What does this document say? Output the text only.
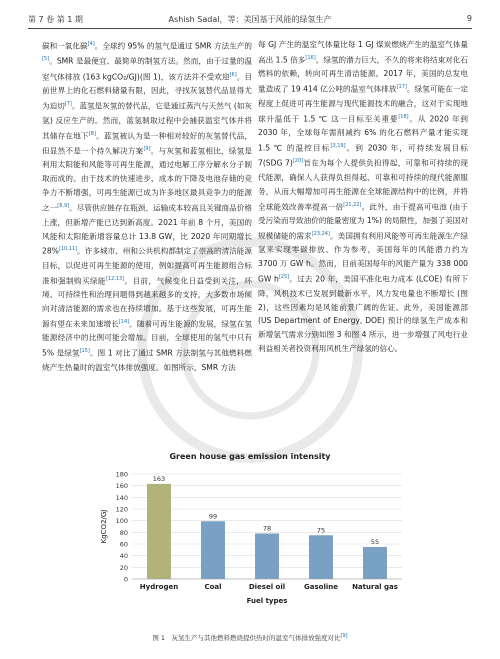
第 7 卷 第 1 期	Ashish Sadal，等：美国基于风能的绿氢生产	9

碳和一氧化碳[4]。全球约 95% 的氢气是通过 SMR 方法生产的[5]。SMR 是最便宜、最简单的制氢方法。然而，由于过量的温室气体排放 (163 kgCO₂/GJ)(图 1)，该方法并不受欢迎[6]。目前世界上的化石燃料储量有限，因此，寻找灰氢替代品显得尤为迫切[7]。蓝氢是灰氢的替代品，它是通过蒸汽与天然气 (如灰氢) 反应生产的。然而，蓝氢制取过程中会捕获温室气体并将其储存在地下[8]。蓝氢被认为是一种相对较好的灰氢替代品，但显然不是一个持久解决方案[9]。与灰氢和蓝氢相比，绿氢是利用太阳能和风能等可再生能源，通过电解工序分解水分子制取而成的。由于技术的快速进步、成本的下降及电池存储的竞争力不断增强，可再生能源已成为许多地区最具竞争力的能源之一[8,9]。尽管供应链存在瓶颈、运输成本较高且关键商品价格上涨，但新增产能已达到新高度。2021 年前 8 个月，美国的风能和太阳能新增容量总计 13.8 GW，比 2020 年同期增长 28%[10,11]。许多城市、州和公共机构都制定了崇高的清洁能源目标，以促进可再生能源的使用，例如提高可再生能源组合标准和强制购买绿能[12,13]。目前，气候变化日益受到关注，环境、可持续性和治理问题得到越来越多的支持，大多数市场倾向对清洁能源的需求也在持续增加。基于这些发展，可再生能源有望在未来加速增长[14]。随着可再生能源的发展，绿氢在氢能源经济中的比例可能会增加。目前，全球使用的氢气中只有 5% 是绿氢[15]。图 1 对比了通过 SMR 方法制氢与其他燃料燃烧产生热量时的温室气体排放强度。如图所示，SMR 方法

每 GJ 产生的温室气体量比每 1 GJ 煤炭燃烧产生的温室气体量高出 1.5 倍多[16]。绿氢的潜力巨大，不久的将来将结束对化石燃料的依赖，转向可再生清洁能源。2017 年，美国的总发电量造成了 19 414 亿公吨的温室气体排放[17]。绿氢可能在一定程度上促进可再生能源与现代能源技术的融合，这对于实现地球升温低于 1.5 ℃ 这一目标至关重要[18]。从 2020 年到 2030 年，全球每年需削减约 6% 的化石燃料产量才能实现 1.5 ℃ 的温控目标[3,19]。到 2030 年，可持续发展目标 7(SDG 7)[20]旨在为每个人提供负担得起、可靠和可持续的现代能源，确保人人获得负担得起、可靠和可持续的现代能源服务，从而大幅增加可再生能源在全球能源结构中的比例，并将全球能效改善率提高一倍[21,22]。此外，由于提高可电池 (由于受污染而导致油价的能量密度为 1%) 的局限性，加强了美国对规模储能的需求[23,24]。美国拥有利用风能等可再生能源生产绿氢来实现零碳排放、作为参考，美国每年的风能潜力约为 3700 万 GW h。然而，目前美国每年的风能产量为 338 000 GW h[25]。过去 20 年，美国平准化电力成本 (LCOE) 有所下降，风机技术已发展到最新水平，风力发电量也不断增长 (图 2)，这些因素均是风能前景广阔的佐证。此外，美国能源部 (US Department of Energy, DOE) 预计的绿氢生产成本和新增氢气需求分别如图 3 和图 4 所示，进一步增强了风电行业利益相关者投资利用风机生产绿氢的信心。

Green house gas emission intensity
0
20
40
60
80
100
120
140
160
180
KgCO2/GJ
163
Hydrogen
99
Coal
78
Diesel oil
75
Gasoline
55
Natural gas
Fuel types
图 1　灰氢生产与其他燃料燃烧提供热时的温室气体排放强度对比[9]
